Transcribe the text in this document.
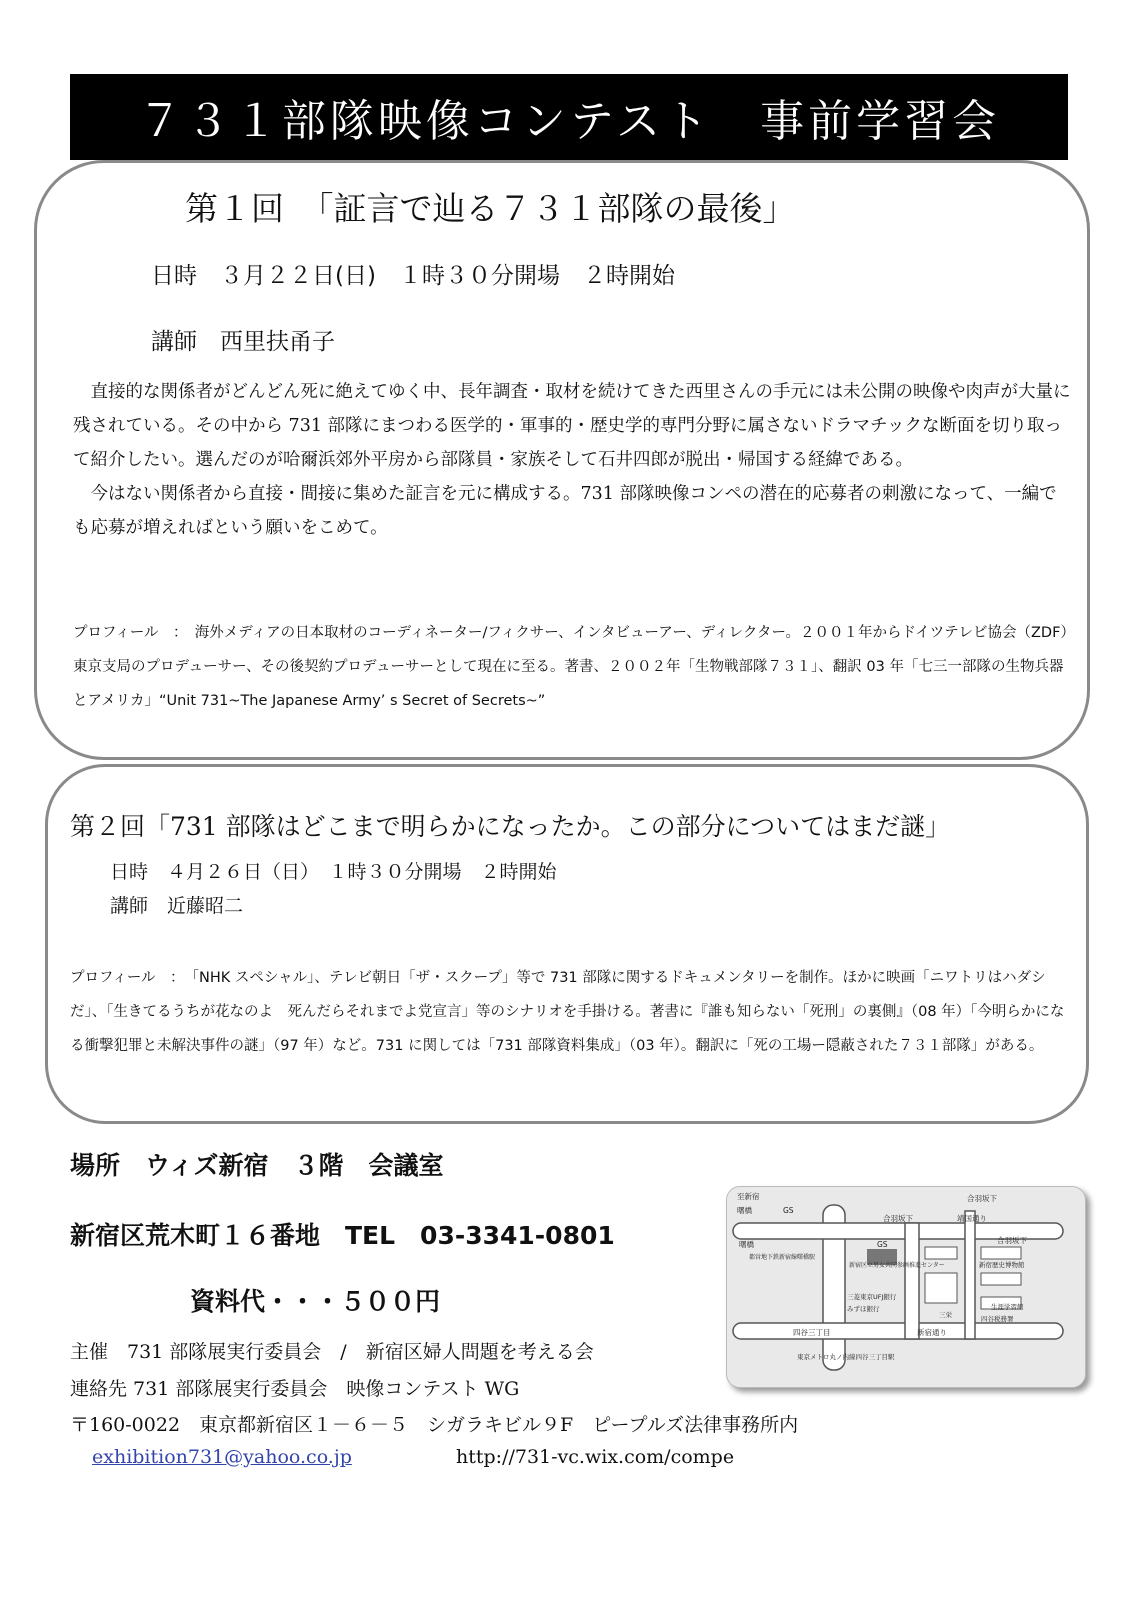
７３１部隊映像コンテスト　事前学習会
第１回　「証言で辿る７３１部隊の最後」
日時　３月２２日(日)　１時３０分開場　２時開始
講師　西里扶甬子

直接的な関係者がどんどん死に絶えてゆく中、長年調査・取材を続けてきた西里さんの手元には未公開の映像や肉声が大量に残されている。その中から 731 部隊にまつわる医学的・軍事的・歴史学的専門分野に属さないドラマチックな断面を切り取って紹介したい。選んだのが哈爾浜郊外平房から部隊員・家族そして石井四郎が脱出・帰国する経緯である。

今はない関係者から直接・間接に集めた証言を元に構成する。731 部隊映像コンペの潜在的応募者の刺激になって、一編でも応募が増えればという願いをこめて。

プロフィール　：　海外メディアの日本取材のコーディネーター/フィクサー、インタビューアー、ディレクター。２００１年からドイツテレビ協会（ZDF）東京支局のプロデューサー、その後契約プロデューサーとして現在に至る。著書、２００２年「生物戦部隊７３１」、翻訳 03 年「七三一部隊の生物兵器とアメリカ」“Unit 731~The Japanese Army’ s Secret of Secrets~”
第２回「731 部隊はどこまで明らかになったか。この部分についてはまだ謎」
日時　４月２６日（日）　１時３０分開場　２時開始
講師　近藤昭二
プロフィール　：　「NHK スペシャル」、テレビ朝日「ザ・スクープ」等で 731 部隊に関するドキュメンタリーを制作。ほかに映画「ニワトリはハダシだ」、「生きてるうちが花なのよ　死んだらそれまでよ党宣言」等のシナリオを手掛ける。著書に『誰も知らない「死刑」の裏側』（08 年）「今明らかになる衝撃犯罪と未解決事件の謎」（97 年）など。731 に関しては「731 部隊資料集成」（03 年）。翻訳に「死の工場ー隠蔽された７３１部隊」がある。
場所　ウィズ新宿　３階　会議室
新宿区荒木町１６番地　TEL　03-3341-0801
資料代・・・５００円
主催　731 部隊展実行委員会　/　新宿区婦人問題を考える会
連絡先 731 部隊展実行委員会　映像コンテスト WG
〒160-0022　東京都新宿区１－６－５　シガラキビル９F　ピープルズ法律事務所内
exhibition731@yahoo.co.jp	http://731-vc.wix.com/compe
至新宿
曙橋	GS
GS
合羽坂下
合羽坂下	靖国通り
合羽坂下
曙橋
都営地下鉄新宿線曙橋駅
新宿区立男女共同参画推進センター	新宿歴史博物館
三菱東京UFJ銀行
みずほ銀行
四谷税務署
三栄
四谷三丁目	新宿通り
東京メトロ丸ノ内線四谷三丁目駅
生涯学習館
